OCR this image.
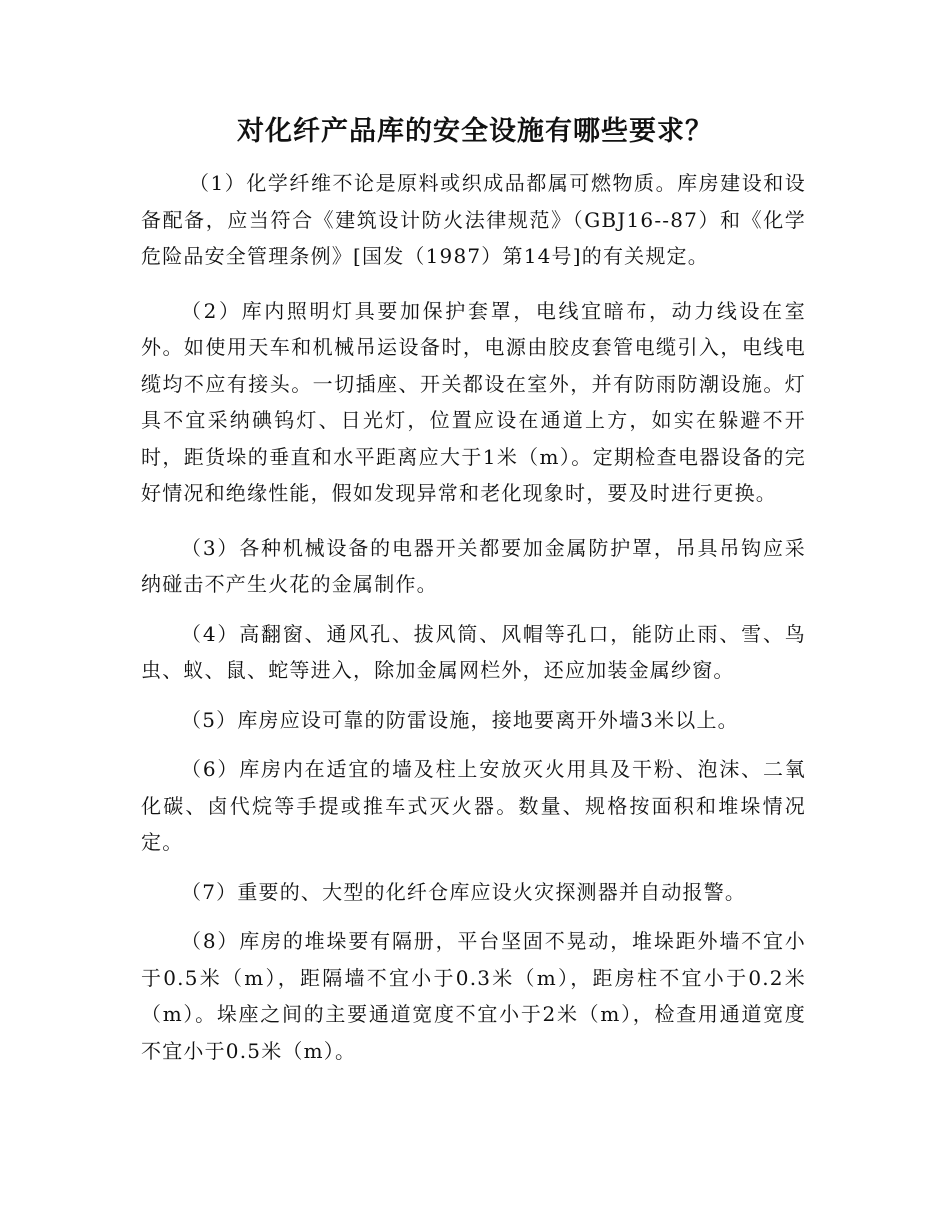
对化纤产品库的安全设施有哪些要求？

（1）化学纤维不论是原料或织成品都属可燃物质。库房建设和设备配备，应当符合《建筑设计防火法律规范》（GBJ16--87）和《化学危险品安全管理条例》[国发（1987）第14号]的有关规定。

（2）库内照明灯具要加保护套罩，电线宜暗布，动力线设在室外。如使用天车和机械吊运设备时，电源由胶皮套管电缆引入，电线电缆均不应有接头。一切插座、开关都设在室外，并有防雨防潮设施。灯具不宜采纳碘钨灯、日光灯，位置应设在通道上方，如实在躲避不开时，距货垛的垂直和水平距离应大于1米（m）。定期检查电器设备的完好情况和绝缘性能，假如发现异常和老化现象时，要及时进行更换。

（3）各种机械设备的电器开关都要加金属防护罩，吊具吊钩应采纳碰击不产生火花的金属制作。

（4）高翻窗、通风孔、拔风筒、风帽等孔口，能防止雨、雪、鸟虫、蚁、鼠、蛇等进入，除加金属网栏外，还应加装金属纱窗。

（5）库房应设可靠的防雷设施，接地要离开外墙3米以上。

（6）库房内在适宜的墙及柱上安放灭火用具及干粉、泡沫、二氧化碳、卤代烷等手提或推车式灭火器。数量、规格按面积和堆垛情况定。

（7）重要的、大型的化纤仓库应设火灾探测器并自动报警。

（8）库房的堆垛要有隔册，平台坚固不晃动，堆垛距外墙不宜小于0.5米（m），距隔墙不宜小于0.3米（m），距房柱不宜小于0.2米（m）。垛座之间的主要通道宽度不宜小于2米（m），检查用通道宽度不宜小于0.5米（m）。
